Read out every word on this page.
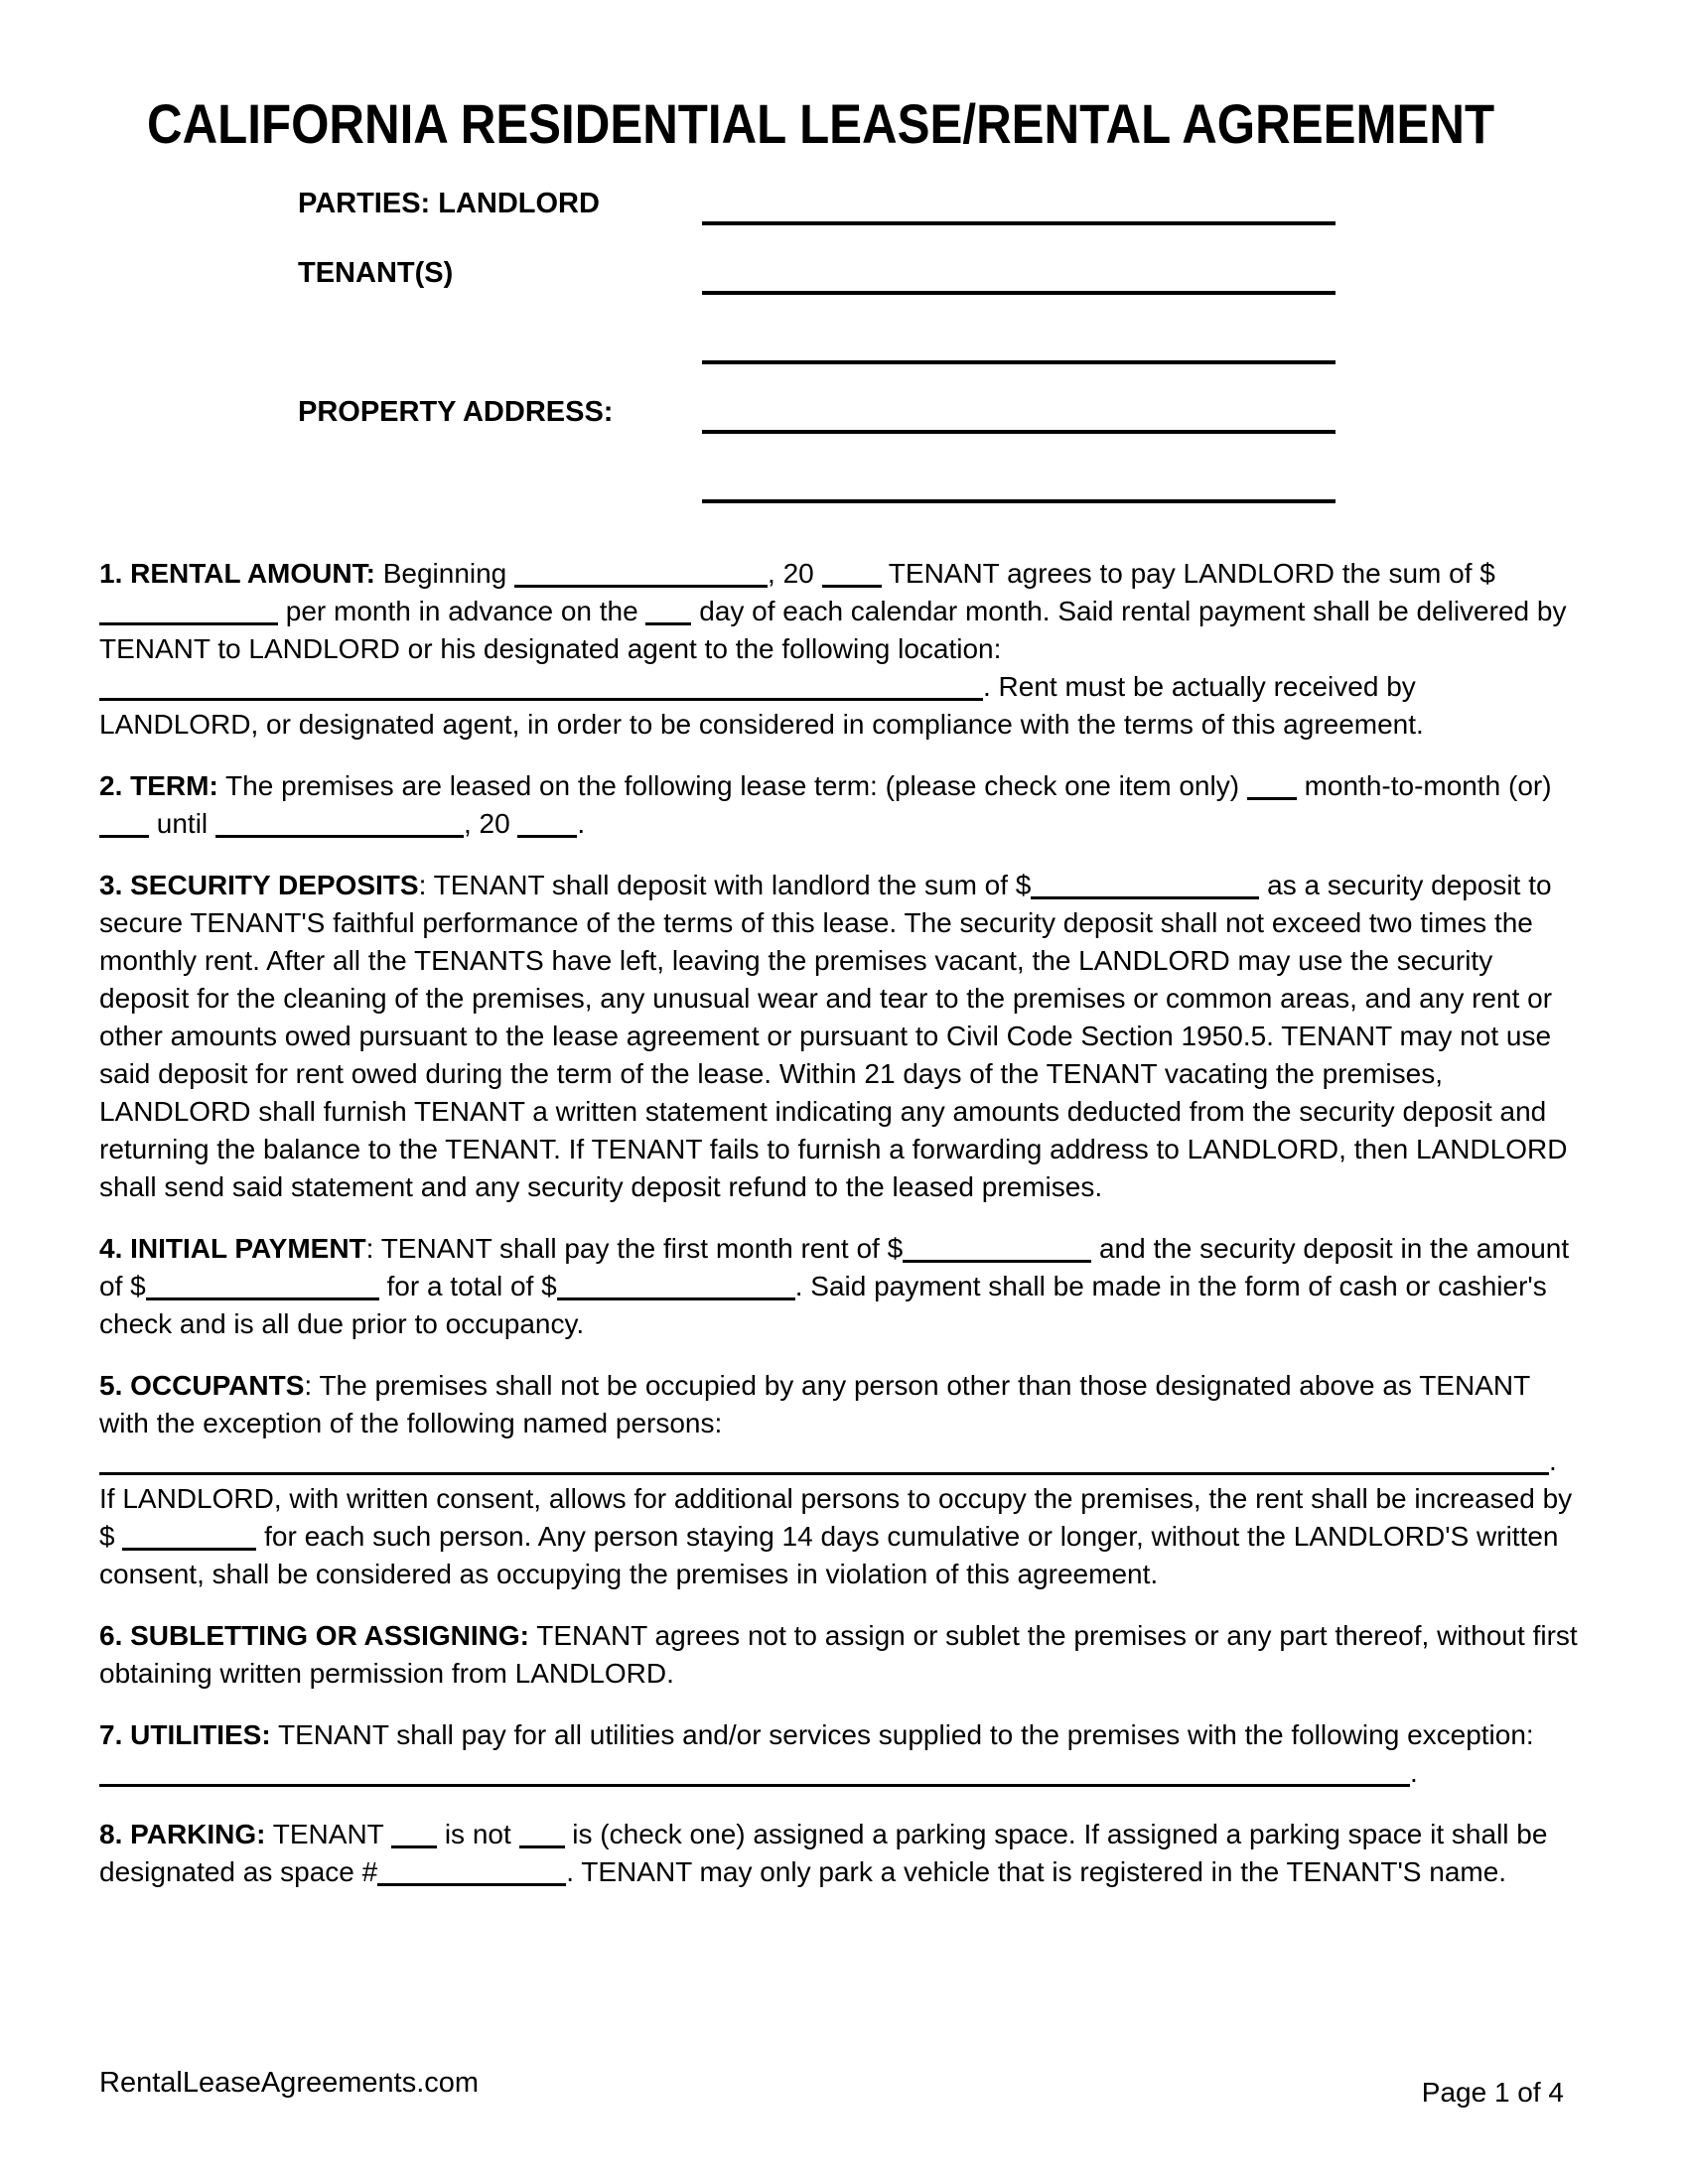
CALIFORNIA RESIDENTIAL LEASE/RENTAL AGREEMENT
PARTIES: LANDLORD
TENANT(S)
PROPERTY ADDRESS:

1. RENTAL AMOUNT: Beginning	, 20  TENANT agrees to pay LANDLORD the sum of $ per month in advance on the  day of each calendar month. Said rental payment shall be delivered by TENANT to LANDLORD or his designated agent to the following location: . Rent must be actually received by LANDLORD, or designated agent, in order to be considered in compliance with the terms of this agreement.

2. TERM: The premises are leased on the following lease term: (please check one item only)  month-to-month (or)  until	, 20 .

3. SECURITY DEPOSITS: TENANT shall deposit with landlord the sum of $	as a security deposit to secure TENANT'S faithful performance of the terms of this lease. The security deposit shall not exceed two times the monthly rent. After all the TENANTS have left, leaving the premises vacant, the LANDLORD may use the security deposit for the cleaning of the premises, any unusual wear and tear to the premises or common areas, and any rent or other amounts owed pursuant to the lease agreement or pursuant to Civil Code Section 1950.5. TENANT may not use said deposit for rent owed during the term of the lease. Within 21 days of the TENANT vacating the premises, LANDLORD shall furnish TENANT a written statement indicating any amounts deducted from the security deposit and returning the balance to the TENANT. If TENANT fails to furnish a forwarding address to LANDLORD, then LANDLORD shall send said statement and any security deposit refund to the leased premises.

4. INITIAL PAYMENT: TENANT shall pay the first month rent of $	and the security deposit in the amount of $	for a total of $	. Said payment shall be made in the form of cash or cashier's check and is all due prior to occupancy.

5. OCCUPANTS: The premises shall not be occupied by any person other than those designated above as TENANT with the exception of the following named persons: . If LANDLORD, with written consent, allows for additional persons to occupy the premises, the rent shall be increased by $	for each such person. Any person staying 14 days cumulative or longer, without the LANDLORD'S written consent, shall be considered as occupying the premises in violation of this agreement.

6. SUBLETTING OR ASSIGNING: TENANT agrees not to assign or sublet the premises or any part thereof, without first obtaining written permission from LANDLORD.

7. UTILITIES: TENANT shall pay for all utilities and/or services supplied to the premises with the following exception: .

8. PARKING: TENANT  is not  is (check one) assigned a parking space. If assigned a parking space it shall be designated as space #	. TENANT may only park a vehicle that is registered in the TENANT'S name.

RentalLeaseAgreements.com	Page 1 of 4
